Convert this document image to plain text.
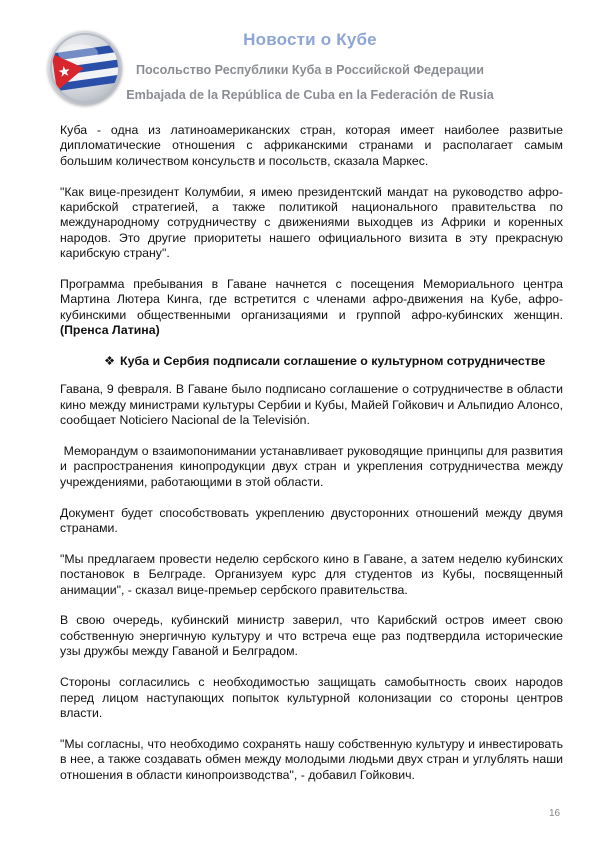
Новости о Кубе
Посольство Республики Куба в Российской Федерации
Embajada de la República de Cuba en la Federación de Rusia

Куба - одна из латиноамериканских стран, которая имеет наиболее развитые дипломатические отношения с африканскими странами и располагает самым большим количеством консульств и посольств, сказала Маркес.

"Как вице-президент Колумбии, я имею президентский мандат на руководство афро-карибской стратегией, а также политикой национального правительства по международному сотрудничеству с движениями выходцев из Африки и коренных народов. Это другие приоритеты нашего официального визита в эту прекрасную карибскую страну".

Программа пребывания в Гаване начнется с посещения Мемориального центра Мартина Лютера Кинга, где встретится с членами афро-движения на Кубе, афро-кубинскими общественными организациями и группой афро-кубинских женщин. (Пренса Латина)

❖ Куба и Сербия подписали соглашение о культурном сотрудничестве

Гавана, 9 февраля. В Гаване было подписано соглашение о сотрудничестве в области кино между министрами культуры Сербии и Кубы, Майей Гойкович и Альпидио Алонсо, сообщает Noticiero Nacional de la Televisión.

Меморандум о взаимопонимании устанавливает руководящие принципы для развития и распространения кинопродукции двух стран и укрепления сотрудничества между учреждениями, работающими в этой области.

Документ будет способствовать укреплению двусторонних отношений между двумя странами.

"Мы предлагаем провести неделю сербского кино в Гаване, а затем неделю кубинских постановок в Белграде. Организуем курс для студентов из Кубы, посвященный анимации", - сказал вице-премьер сербского правительства.

В свою очередь, кубинский министр заверил, что Карибский остров имеет свою собственную энергичную культуру и что встреча еще раз подтвердила исторические узы дружбы между Гаваной и Белградом.

Стороны согласились с необходимостью защищать самобытность своих народов перед лицом наступающих попыток культурной колонизации со стороны центров власти.

"Мы согласны, что необходимо сохранять нашу собственную культуру и инвестировать в нее, а также создавать обмен между молодыми людьми двух стран и углублять наши отношения в области кинопроизводства", - добавил Гойкович.

16
